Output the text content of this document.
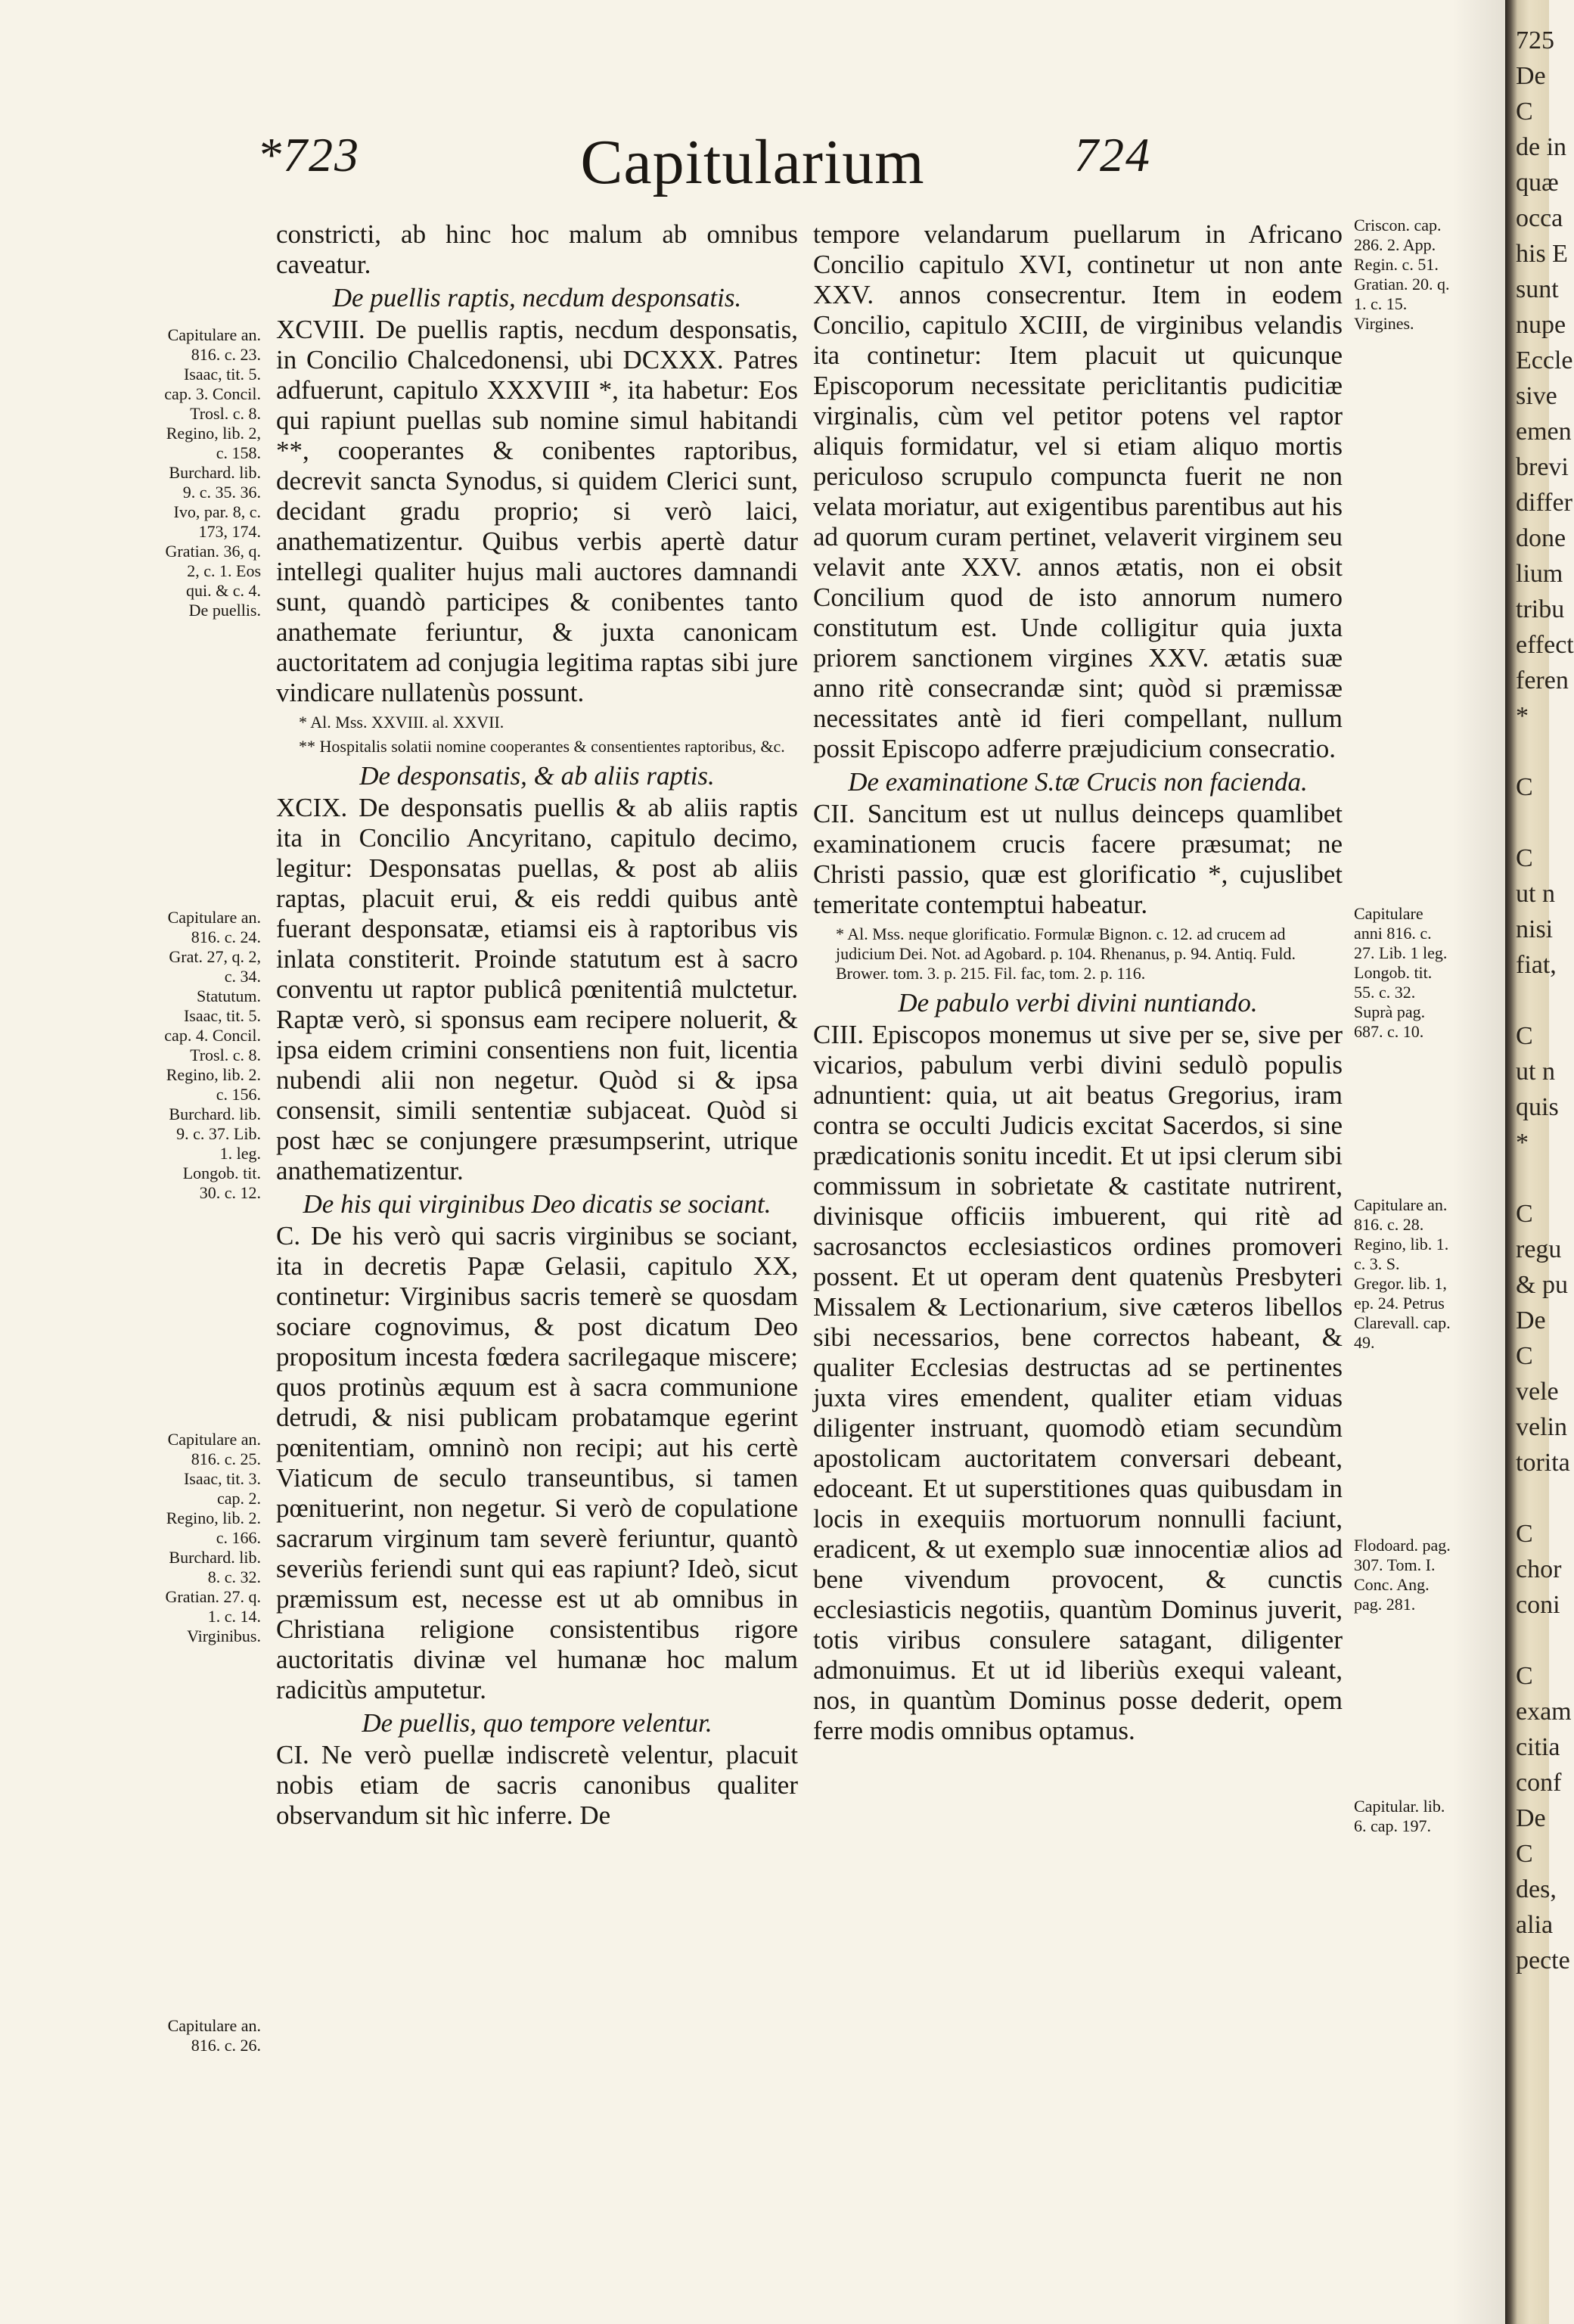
*723	Capitularium	724
Capitulare an. 816. c. 23. Isaac, tit. 5. cap. 3. Concil. Trosl. c. 8. Regino, lib. 2, c. 158. Burchard. lib. 9. c. 35. 36. Ivo, par. 8, c. 173, 174. Gratian. 36, q. 2, c. 1. Eos qui. & c. 4. De puellis.
Capitulare an. 816. c. 24. Grat. 27, q. 2, c. 34. Statutum. Isaac, tit. 5. cap. 4. Concil. Trosl. c. 8. Regino, lib. 2. c. 156. Burchard. lib. 9. c. 37. Lib. 1. leg. Longob. tit. 30. c. 12.
Capitulare an. 816. c. 25. Isaac, tit. 3. cap. 2. Regino, lib. 2. c. 166. Burchard. lib. 8. c. 32. Gratian. 27. q. 1. c. 14. Virginibus.
Capitulare an. 816. c. 26.

constricti, ab hinc hoc malum ab omnibus caveatur.

De puellis raptis, necdum desponsatis.

XCVIII. De puellis raptis, necdum desponsatis, in Concilio Chalcedonensi, ubi DCXXX. Patres adfuerunt, capitulo XXXVIII *, ita habetur: Eos qui rapiunt puellas sub nomine simul habitandi **, cooperantes & conibentes raptoribus, decrevit sancta Synodus, si quidem Clerici sunt, decidant gradu proprio; si verò laici, anathematizentur. Quibus verbis apertè datur intellegi qualiter hujus mali auctores damnandi sunt, quandò participes & conibentes tanto anathemate feriuntur, & juxta canonicam auctoritatem ad conjugia legitima raptas sibi jure vindicare nullatenùs possunt.

* Al. Mss. XXVIII. al. XXVII.
** Hospitalis solatii nomine cooperantes & consentientes raptoribus, &c.
De desponsatis, & ab aliis raptis.

XCIX. De desponsatis puellis & ab aliis raptis ita in Concilio Ancyritano, capitulo decimo, legitur: Desponsatas puellas, & post ab aliis raptas, placuit erui, & eis reddi quibus antè fuerant desponsatæ, etiamsi eis à raptoribus vis inlata constiterit. Proinde statutum est à sacro conventu ut raptor publicâ pœnitentiâ mulctetur. Raptæ verò, si sponsus eam recipere noluerit, & ipsa eidem crimini consentiens non fuit, licentia nubendi alii non negetur. Quòd si & ipsa consensit, simili sententiæ subjaceat. Quòd si post hæc se conjungere præsumpserint, utrique anathematizentur.

De his qui virginibus Deo dicatis se sociant.

C. De his verò qui sacris virginibus se sociant, ita in decretis Papæ Gelasii, capitulo XX, continetur: Virginibus sacris temerè se quosdam sociare cognovimus, & post dicatum Deo propositum incesta fœdera sacrilegaque miscere; quos protinùs æquum est à sacra communione detrudi, & nisi publicam probatamque egerint pœnitentiam, omninò non recipi; aut his certè Viaticum de seculo transeuntibus, si tamen pœnituerint, non negetur. Si verò de copulatione sacrarum virginum tam severè feriuntur, quantò severiùs feriendi sunt qui eas rapiunt? Ideò, sicut præmissum est, necesse est ut ab omnibus in Christiana religione consistentibus rigore auctoritatis divinæ vel humanæ hoc malum radicitùs amputetur.

De puellis, quo tempore velentur.

CI. Ne verò puellæ indiscretè velentur, placuit nobis etiam de sacris canonibus qualiter observandum sit hìc inferre. De

tempore velandarum puellarum in Africano Concilio capitulo XVI, continetur ut non ante XXV. annos consecrentur. Item in eodem Concilio, capitulo XCIII, de virginibus velandis ita continetur: Item placuit ut quicunque Episcoporum necessitate periclitantis pudicitiæ virginalis, cùm vel petitor potens vel raptor aliquis formidatur, vel si etiam aliquo mortis periculoso scrupulo compuncta fuerit ne non velata moriatur, aut exigentibus parentibus aut his ad quorum curam pertinet, velaverit virginem seu velavit ante XXV. annos ætatis, non ei obsit Concilium quod de isto annorum numero constitutum est. Unde colligitur quia juxta priorem sanctionem virgines XXV. ætatis suæ anno ritè consecrandæ sint; quòd si præmissæ necessitates antè id fieri compellant, nullum possit Episcopo adferre præjudicium consecratio.

De examinatione S.tæ Crucis non facienda.

CII. Sancitum est ut nullus deinceps quamlibet examinationem crucis facere præsumat; ne Christi passio, quæ est glorificatio *, cujuslibet temeritate contemptui habeatur.

* Al. Mss. neque glorificatio. Formulæ Bignon. c. 12. ad crucem ad judicium Dei. Not. ad Agobard. p. 104. Rhenanus, p. 94. Antiq. Fuld. Brower. tom. 3. p. 215. Fil. fac, tom. 2. p. 116.
De pabulo verbi divini nuntiando.

CIII. Episcopos monemus ut sive per se, sive per vicarios, pabulum verbi divini sedulò populis adnuntient: quia, ut ait beatus Gregorius, iram contra se occulti Judicis excitat Sacerdos, si sine prædicationis sonitu incedit. Et ut ipsi clerum sibi commissum in sobrietate & castitate nutrirent, divinisque officiis imbuerent, qui ritè ad sacrosanctos ecclesiasticos ordines promoveri possent. Et ut operam dent quatenùs Presbyteri Missalem & Lectionarium, sive cæteros libellos sibi necessarios, bene correctos habeant, & qualiter Ecclesias destructas ad se pertinentes juxta vires emendent, qualiter etiam viduas diligenter instruant, quomodò etiam secundùm apostolicam auctoritatem conversari debeant, edoceant. Et ut superstitiones quas quibusdam in locis in exequiis mortuorum nonnulli faciunt, eradicent, & ut exemplo suæ innocentiæ alios ad bene vivendum provocent, & cunctis ecclesiasticis negotiis, quantùm Dominus juverit, totis viribus consulere satagant, diligenter admonuimus. Et ut id liberiùs exequi valeant, nos, in quantùm Dominus posse dederit, opem ferre modis omnibus optamus.

Criscon. cap. 286. 2. App. Regin. c. 51. Gratian. 20. q. 1. c. 15. Virgines.
Capitulare anni 816. c. 27. Lib. 1 leg. Longob. tit. 55. c. 32. Suprà pag. 687. c. 10.
Capitulare an. 816. c. 28. Regino, lib. 1. c. 3. S. Gregor. lib. 1, ep. 24. Petrus Clarevall. cap. 49.
Flodoard. pag. 307. Tom. I. Conc. Ang. pag. 281.
Capitular. lib. 6. cap. 197.
725
De
C
de in
quæ
occa
his E
sunt
nupe
Eccle
sive
emen
brevi
differ
done
lium
tribu
effect
feren
*

C

C
ut n
nisi
fiat,

C
ut n
quis
*

C
regu
& pu
De
C
vele
velin
torita

C
chor
coni

C
exam
citia
conf
De
C
des,
alia
pecte
